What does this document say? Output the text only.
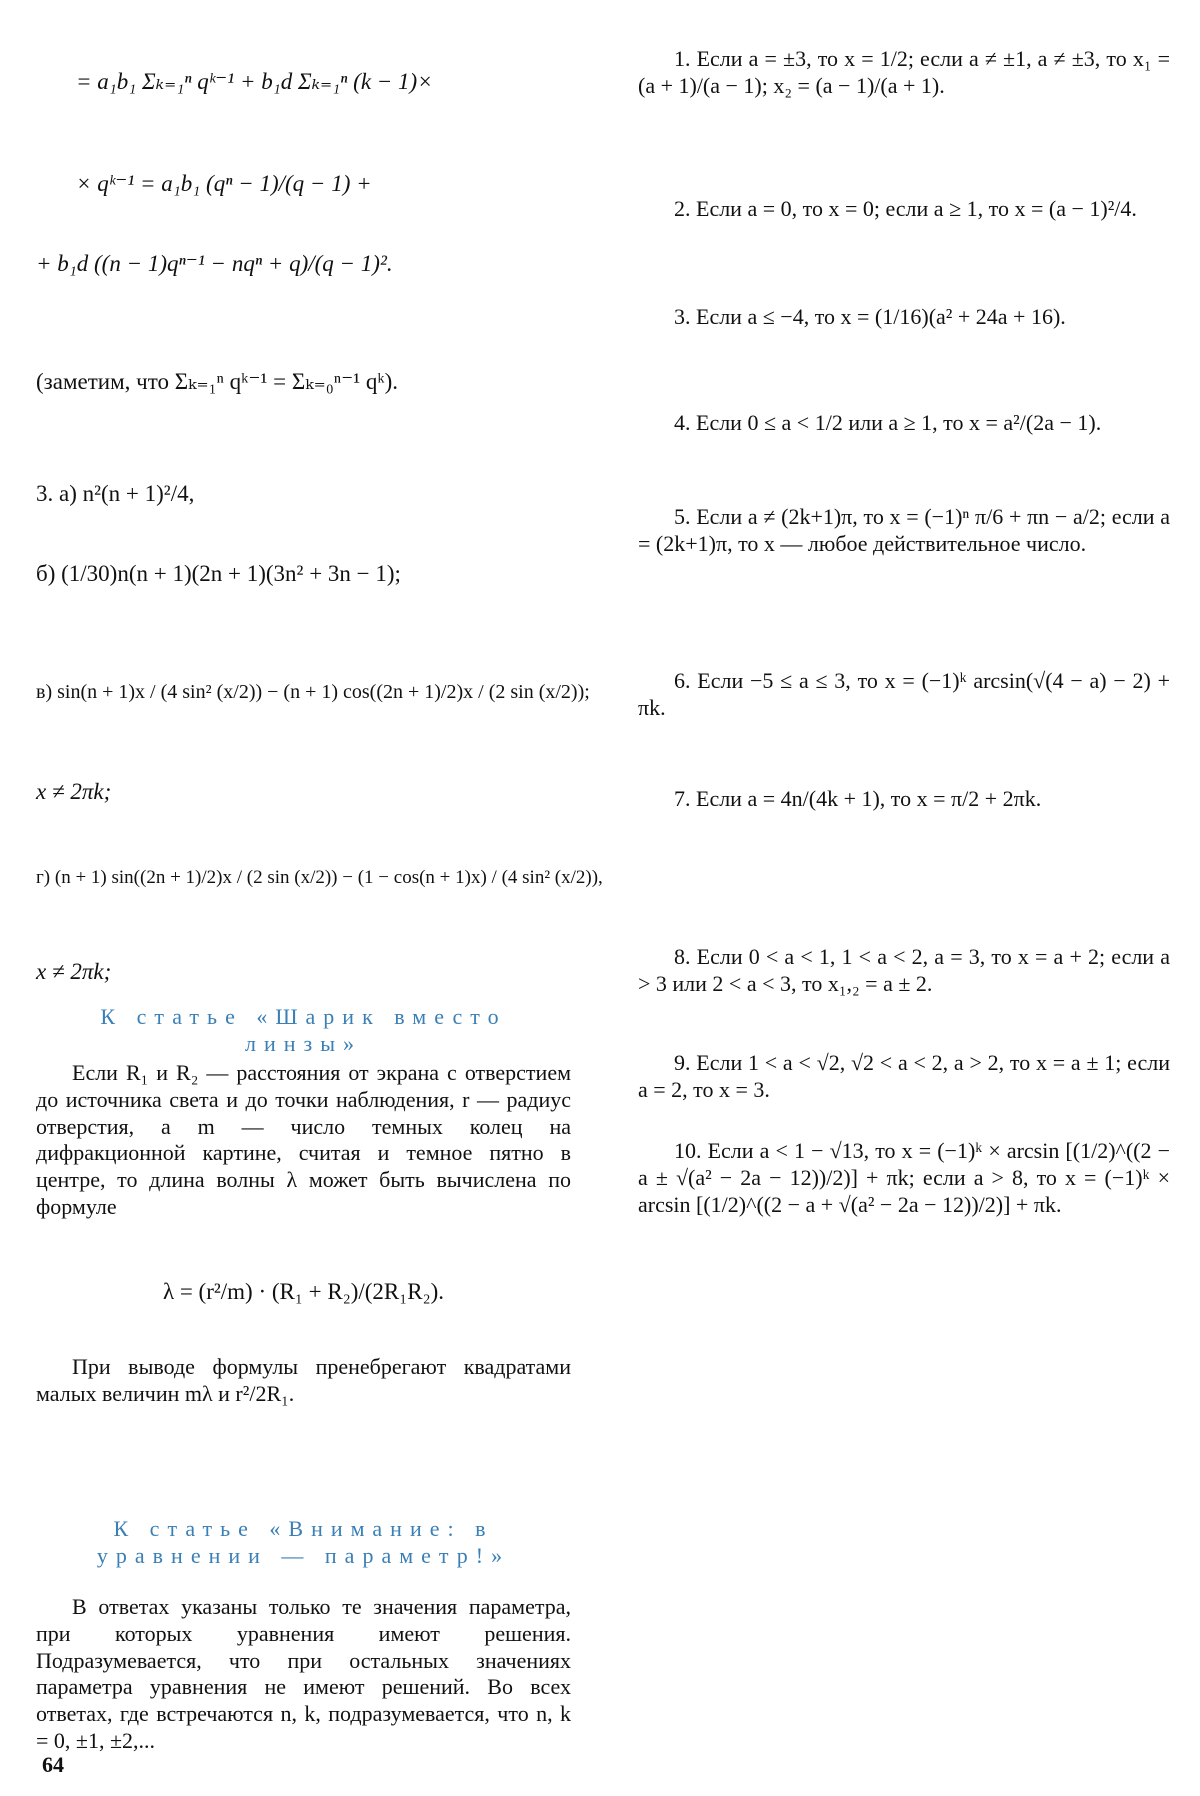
= a₁b₁ Σₖ₌₁ⁿ qᵏ⁻¹ + b₁d Σₖ₌₁ⁿ (k − 1)×
× qᵏ⁻¹ = a₁b₁ (qⁿ − 1)/(q − 1) +
+ b₁d ((n − 1)qⁿ⁻¹ − nqⁿ + q)/(q − 1)².
(заметим, что Σₖ₌₁ⁿ qᵏ⁻¹ = Σₖ₌₀ⁿ⁻¹ qᵏ).
3. а) n²(n + 1)²/4,
б) (1/30)n(n + 1)(2n + 1)(3n² + 3n − 1);
в) sin(n + 1)x / (4 sin² (x/2)) − (n + 1) cos((2n + 1)/2)x / (2 sin (x/2));
x ≠ 2πk;
г) (n + 1) sin((2n + 1)/2)x / (2 sin (x/2)) − (1 − cos(n + 1)x) / (4 sin² (x/2)),
x ≠ 2πk;
К статье «Шарик вместо линзы»
Если R₁ и R₂ — расстояния от экрана с отверстием до источника света и до точки наблюдения, r — радиус отверстия, а m — число темных колец на дифракционной картине, считая и темное пятно в центре, то длина волны λ может быть вычислена по формуле
λ = (r²/m) · (R₁ + R₂)/(2R₁R₂).
При выводе формулы пренебрегают квадратами малых величин mλ и r²/2R₁.
К статье «Внимание: в уравнении — параметр!»
В ответах указаны только те значения параметра, при которых уравнения имеют решения. Подразумевается, что при остальных значениях параметра уравнения не имеют решений. Во всех ответах, где встречаются n, k, подразумевается, что n, k = 0, ±1, ±2,...
1. Если a = ±3, то x = 1/2; если a ≠ ±1, a ≠ ±3, то x₁ = (a + 1)/(a − 1); x₂ = (a − 1)/(a + 1).
2. Если a = 0, то x = 0; если a ≥ 1, то x = (a − 1)²/4.
3. Если a ≤ −4, то x = (1/16)(a² + 24a + 16).
4. Если 0 ≤ a < 1/2 или a ≥ 1, то x = a²/(2a − 1).
5. Если a ≠ (2k+1)π, то x = (−1)ⁿ π/6 + πn − a/2; если a = (2k+1)π, то x — любое действительное число.
6. Если −5 ≤ a ≤ 3, то x = (−1)ᵏ arcsin(√(4 − a) − 2) + πk.
7. Если a = 4n/(4k + 1), то x = π/2 + 2πk.
8. Если 0 < a < 1, 1 < a < 2, a = 3, то x = a + 2; если a > 3 или 2 < a < 3, то x₁,₂ = a ± 2.
9. Если 1 < a < √2, √2 < a < 2, a > 2, то x = a ± 1; если a = 2, то x = 3.
10. Если a < 1 − √13, то x = (−1)ᵏ × arcsin [(1/2)^((2 − a ± √(a² − 2a − 12))/2)] + πk; если a > 8, то x = (−1)ᵏ × arcsin [(1/2)^((2 − a + √(a² − 2a − 12))/2)] + πk.
64
